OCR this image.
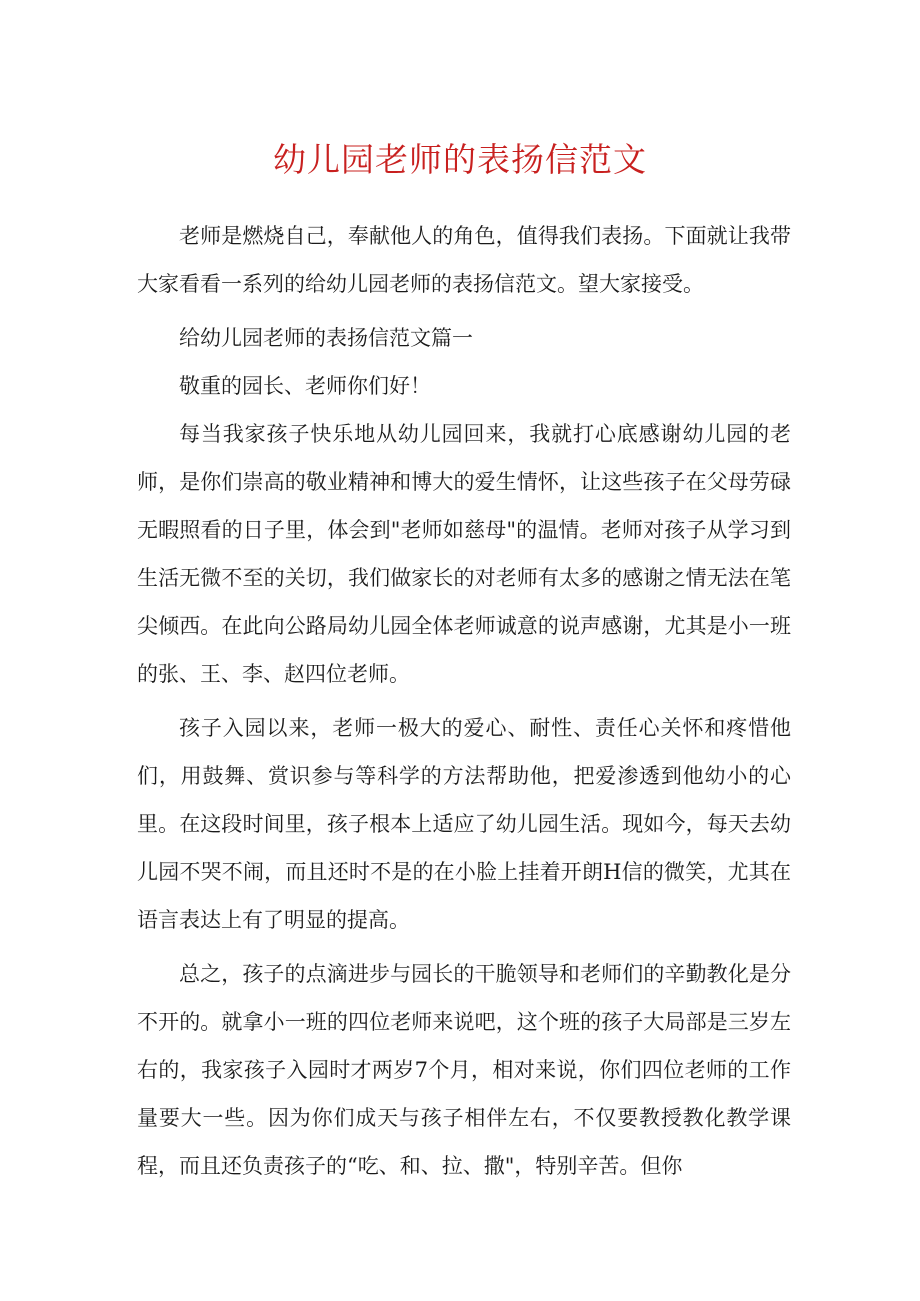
幼儿园老师的表扬信范文

老师是燃烧自己，奉献他人的角色，值得我们表扬。下面就让我带大家看看一系列的给幼儿园老师的表扬信范文。望大家接受。

给幼儿园老师的表扬信范文篇一

敬重的园长、老师你们好！

每当我家孩子快乐地从幼儿园回来，我就打心底感谢幼儿园的老师，是你们崇高的敬业精神和博大的爱生情怀，让这些孩子在父母劳碌无暇照看的日子里，体会到"老师如慈母"的温情。老师对孩子从学习到生活无微不至的关切，我们做家长的对老师有太多的感谢之情无法在笔尖倾西。在此向公路局幼儿园全体老师诚意的说声感谢，尤其是小一班的张、王、李、赵四位老师。

孩子入园以来，老师一极大的爱心、耐性、责任心关怀和疼惜他们，用鼓舞、赏识参与等科学的方法帮助他，把爱渗透到他幼小的心里。在这段时间里，孩子根本上适应了幼儿园生活。现如今，每天去幼儿园不哭不闹，而且还时不是的在小脸上挂着开朗H信的微笑，尤其在语言表达上有了明显的提高。

总之，孩子的点滴进步与园长的干脆领导和老师们的辛勤教化是分不开的。就拿小一班的四位老师来说吧，这个班的孩子大局部是三岁左右的，我家孩子入园时才两岁7个月，相对来说，你们四位老师的工作量要大一些。因为你们成天与孩子相伴左右，不仅要教授教化教学课程，而且还负责孩子的“吃、和、拉、撒"，特别辛苦。但你
